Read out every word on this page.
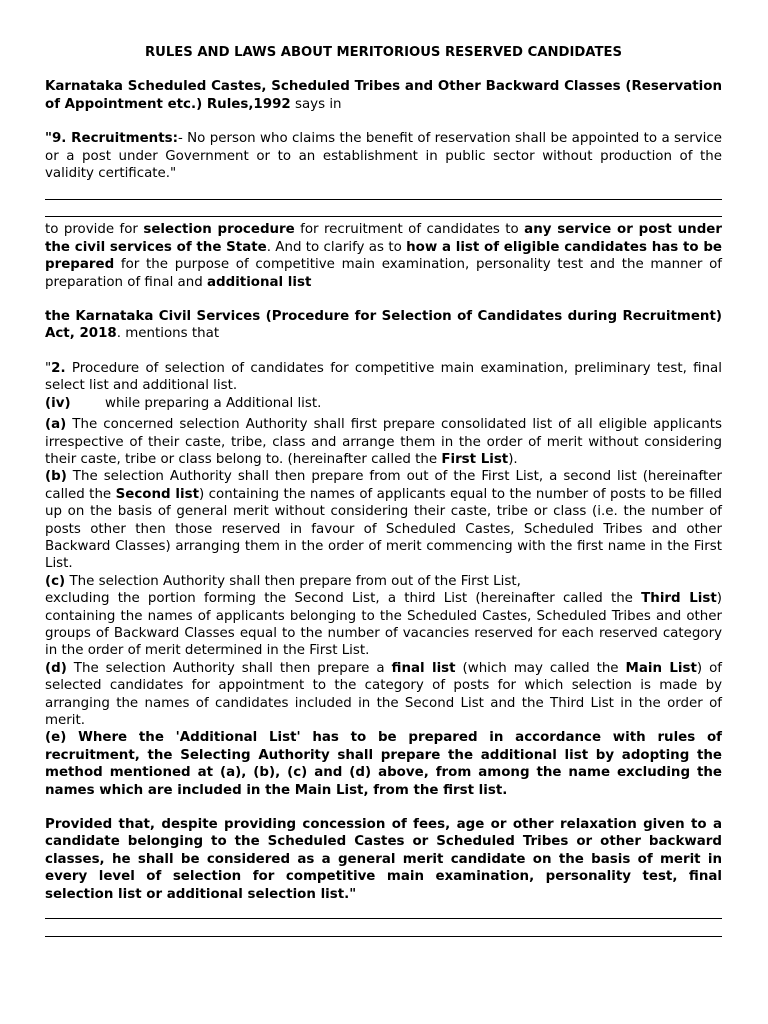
RULES AND LAWS ABOUT MERITORIOUS RESERVED CANDIDATES

Karnataka Scheduled Castes, Scheduled Tribes and Other Backward Classes (Reservation of Appointment etc.) Rules,1992 says in

"9. Recruitments:- No person who claims the benefit of reservation shall be appointed to a service or a post under Government or to an establishment in public sector without production of the validity certificate."

to provide for selection procedure for recruitment of candidates to any service or post under the civil services of the State. And to clarify as to how a list of eligible candidates has to be prepared for the purpose of competitive main examination, personality test and the manner of preparation of final and additional list

the Karnataka Civil Services (Procedure for Selection of Candidates during Recruitment) Act, 2018. mentions that

"2. Procedure of selection of candidates for competitive main examination, preliminary test, final select list and additional list.

(iv)	while preparing a Additional list.

(a) The concerned selection Authority shall first prepare consolidated list of all eligible applicants irrespective of their caste, tribe, class and arrange them in the order of merit without considering their caste, tribe or class belong to. (hereinafter called the First List).

(b) The selection Authority shall then prepare from out of the First List, a second list (hereinafter called the Second list) containing the names of applicants equal to the number of posts to be filled up on the basis of general merit without considering their caste, tribe or class (i.e. the number of posts other then those reserved in favour of Scheduled Castes, Scheduled Tribes and other Backward Classes) arranging them in the order of merit commencing with the first name in the First List.

(c) The selection Authority shall then prepare from out of the First List,

excluding the portion forming the Second List, a third List (hereinafter called the Third List) containing the names of applicants belonging to the Scheduled Castes, Scheduled Tribes and other groups of Backward Classes equal to the number of vacancies reserved for each reserved category in the order of merit determined in the First List.

(d) The selection Authority shall then prepare a final list (which may called the Main List) of selected candidates for appointment to the category of posts for which selection is made by arranging the names of candidates included in the Second List and the Third List in the order of merit.

(e) Where the 'Additional List' has to be prepared in accordance with rules of recruitment, the Selecting Authority shall prepare the additional list by adopting the method mentioned at (a), (b), (c) and (d) above, from among the name excluding the names which are included in the Main List, from the first list.

Provided that, despite providing concession of fees, age or other relaxation given to a candidate belonging to the Scheduled Castes or Scheduled Tribes or other backward classes, he shall be considered as a general merit candidate on the basis of merit in every level of selection for competitive main examination, personality test, final selection list or additional selection list."
